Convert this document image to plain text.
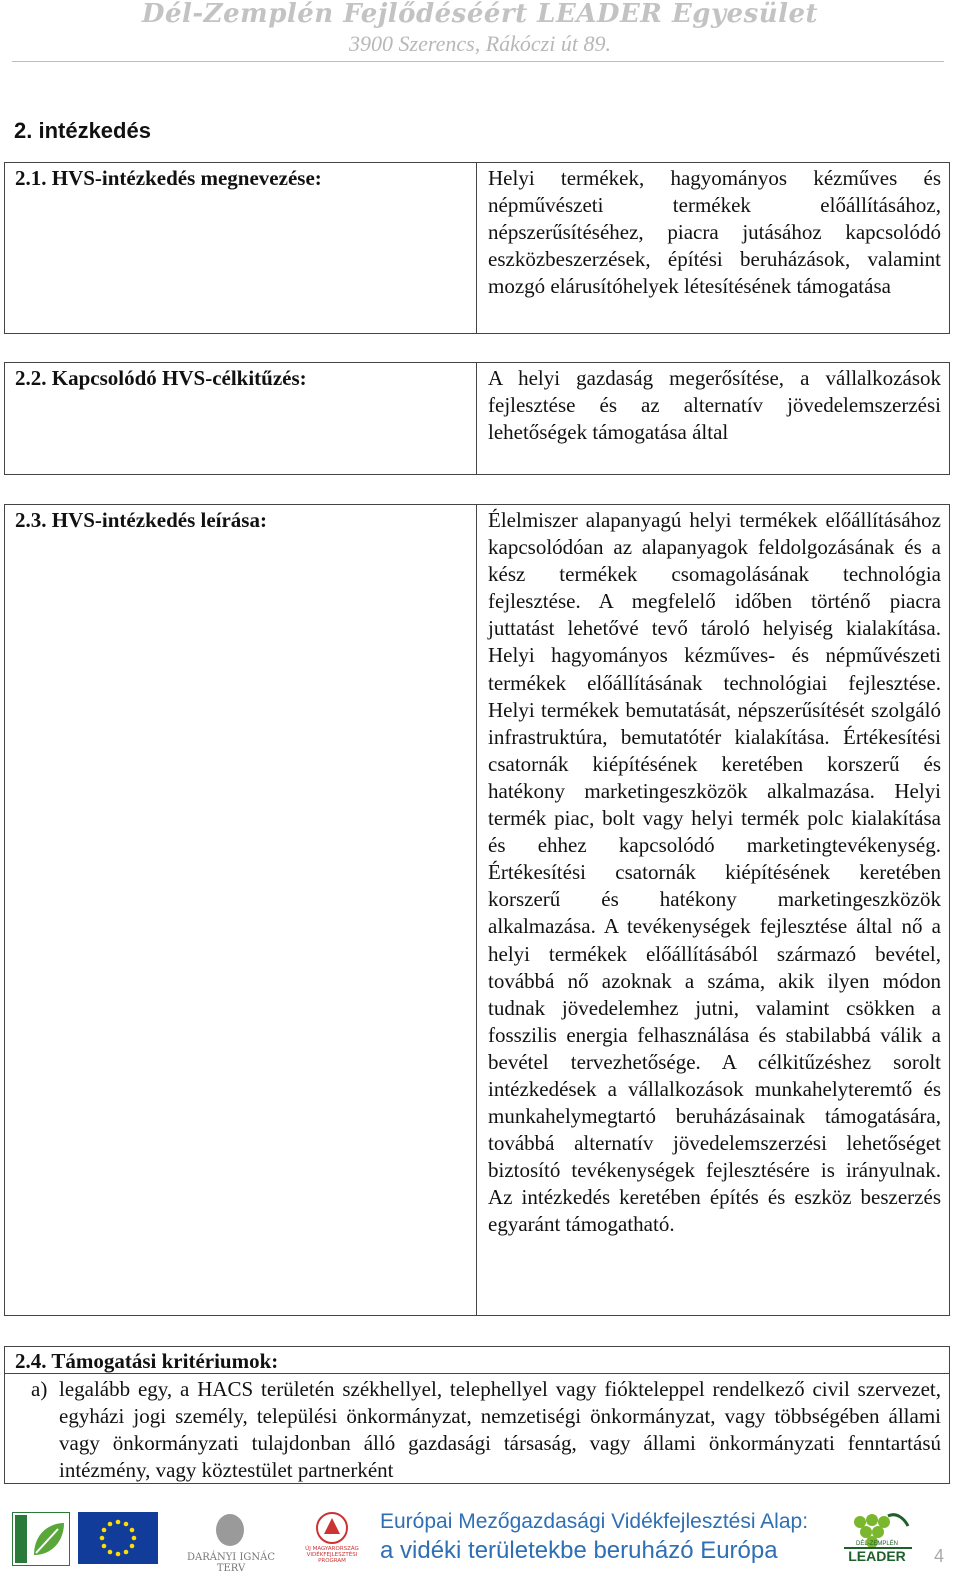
Dél-Zemplén Fejlődéséért LEADER Egyesület
3900 Szerencs, Rákóczi út 89.
2. intézkedés
2.1. HVS-intézkedés megnevezése:	Helyi termékek, hagyományos kézműves és népművészeti termékek előállításához, népszerűsítéséhez, piacra jutásához kapcsolódó eszközbeszerzések, építési beruházások, valamint mozgó elárusítóhelyek létesítésének támogatása
2.2. Kapcsolódó HVS-célkitűzés:	A helyi gazdaság megerősítése, a vállalkozások fejlesztése és az alternatív jövedelemszerzési lehetőségek támogatása által
2.3. HVS-intézkedés leírása:	Élelmiszer alapanyagú helyi termékek előállításához kapcsolódóan az alapanyagok feldolgozásának és a kész termékek csomagolásának technológia fejlesztése. A megfelelő időben történő piacra juttatást lehetővé tevő tároló helyiség kialakítása. Helyi hagyományos kézműves- és népművészeti termékek előállításának technológiai fejlesztése. Helyi termékek bemutatását, népszerűsítését szolgáló infrastruktúra, bemutatótér kialakítása. Értékesítési csatornák kiépítésének keretében korszerű és hatékony marketingeszközök alkalmazása. Helyi termék piac, bolt vagy helyi termék polc kialakítása és ehhez kapcsolódó marketingtevékenység. Értékesítési csatornák kiépítésének keretében korszerű és hatékony marketingeszközök alkalmazása. A tevékenységek fejlesztése által nő a helyi termékek előállításából származó bevétel, továbbá nő azoknak a száma, akik ilyen módon tudnak jövedelemhez jutni, valamint csökken a fosszilis energia felhasználása és stabilabbá válik a bevétel tervezhetősége. A célkitűzéshez sorolt intézkedések a vállalkozások munkahelyteremtő és munkahelymegtartó beruházásainak támogatására, továbbá alternatív jövedelemszerzési lehetőséget biztosító tevékenységek fejlesztésére is irányulnak. Az intézkedés keretében építés és eszköz beszerzés egyaránt támogatható.
2.4. Támogatási kritériumok:
a) legalább egy, a HACS területén székhellyel, telephellyel vagy fiókteleppel rendelkező civil szervezet, egyházi jogi személy, települési önkormányzat, nemzetiségi önkormányzat, vagy többségében állami vagy önkormányzati tulajdonban álló gazdasági társaság, vagy állami önkormányzati fenntartású intézmény, vagy köztestület partnerként
DARÁNYI IGNÁC TERV
ÚJ MAGYARORSZÁG VIDÉKFEJLESZTÉSI PROGRAM
Európai Mezőgazdasági Vidékfejlesztési Alap:
a vidéki területekbe beruházó Európa	LEADER
DÉL-ZEMPLÉN
4
